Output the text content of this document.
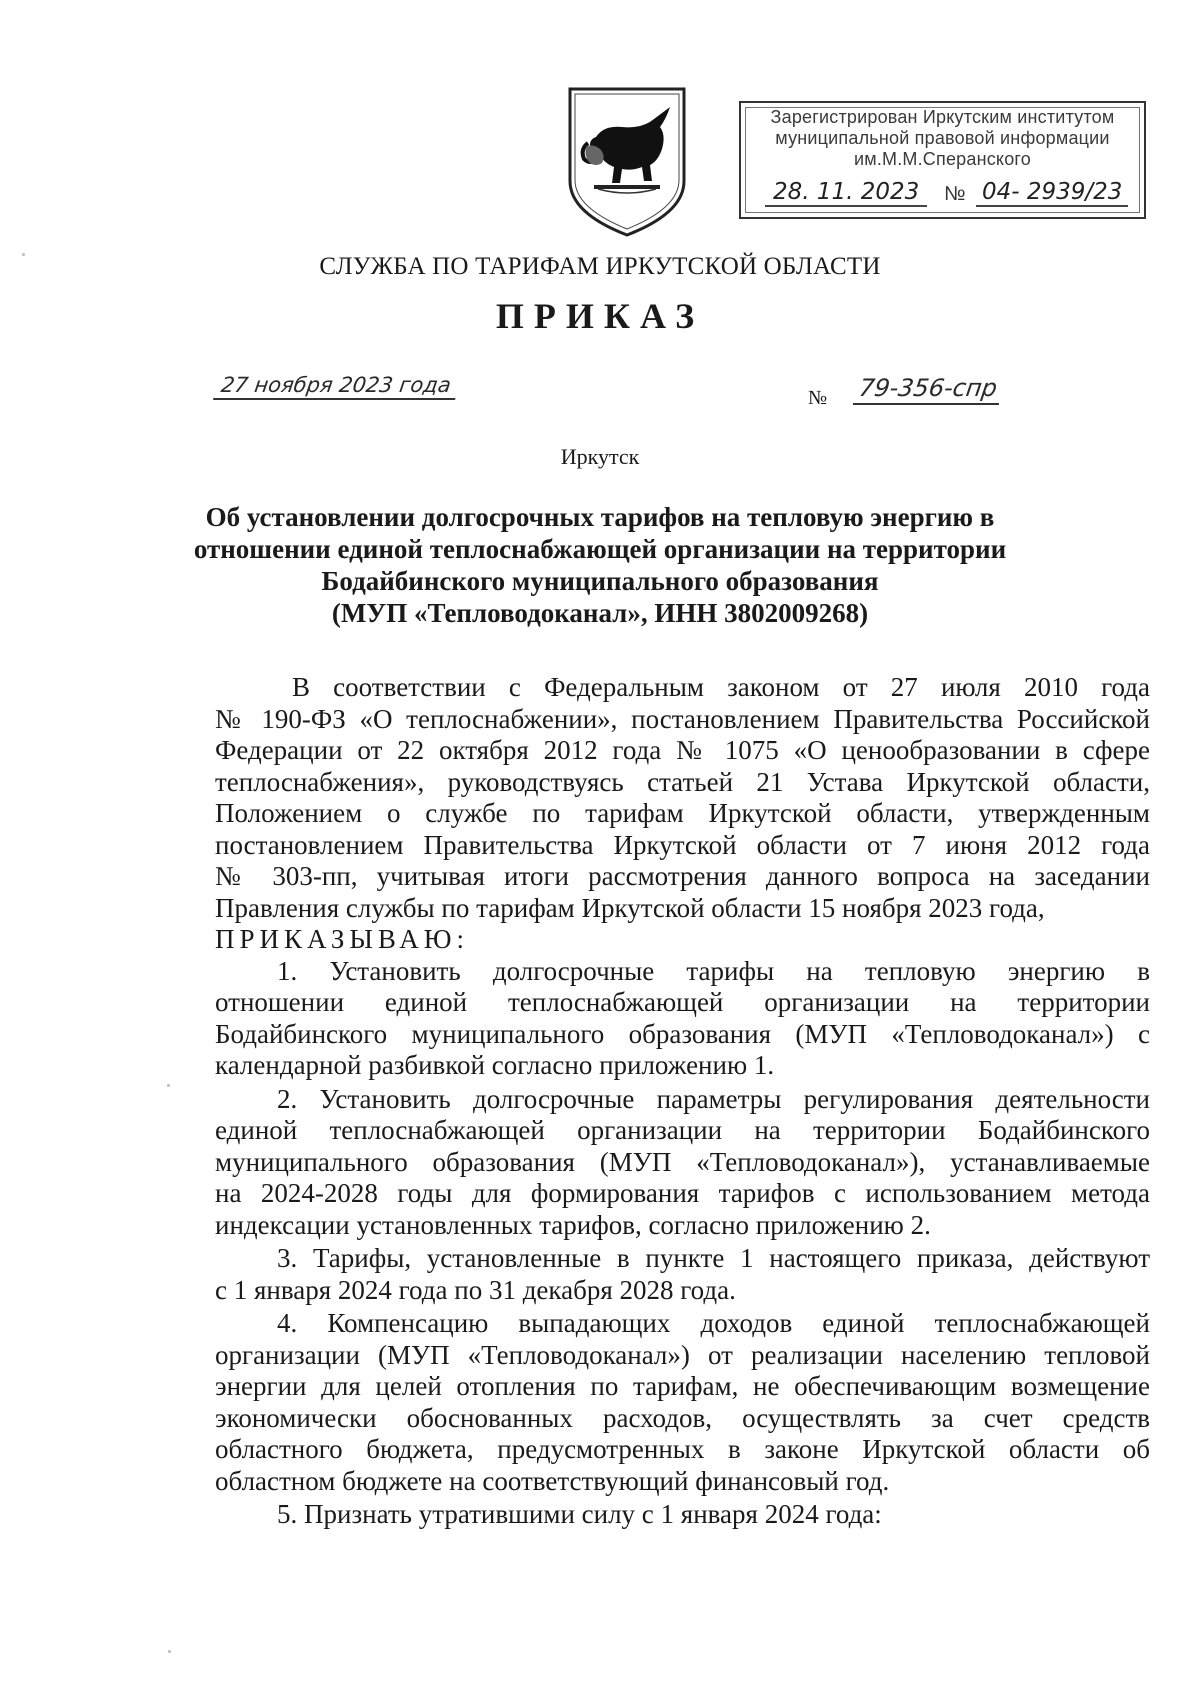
Зарегистрирован Иркутским институтом
муниципальной правовой информации
им.М.М.Сперанского
28. 11. 2023	№ 04- 2939/23
СЛУЖБА ПО ТАРИФАМ ИРКУТСКОЙ ОБЛАСТИ
ПРИКАЗ
27 ноября 2023 года
№ 79-356-спр
Иркутск
Об установлении долгосрочных тарифов на тепловую энергию в
отношении единой теплоснабжающей организации на территории
Бодайбинского муниципального образования
(МУП «Тепловодоканал», ИНН 3802009268)
В соответствии с Федеральным законом от 27 июля 2010 года
№ 190-ФЗ «О теплоснабжении», постановлением Правительства Российской
Федерации от 22 октября 2012 года № 1075 «О ценообразовании в сфере
теплоснабжения», руководствуясь статьей 21 Устава Иркутской области,
Положением о службе по тарифам Иркутской области, утвержденным
постановлением Правительства Иркутской области от 7 июня 2012 года
№ 303-пп, учитывая итоги рассмотрения данного вопроса на заседании
Правления службы по тарифам Иркутской области 15 ноября 2023 года,
ПРИКАЗЫВАЮ:
1. Установить долгосрочные тарифы на тепловую энергию в
отношении единой теплоснабжающей организации на территории
Бодайбинского муниципального образования (МУП «Тепловодоканал») с
календарной разбивкой согласно приложению 1.
2. Установить долгосрочные параметры регулирования деятельности
единой теплоснабжающей организации на территории Бодайбинского
муниципального образования (МУП «Тепловодоканал»), устанавливаемые
на 2024-2028 годы для формирования тарифов с использованием метода
индексации установленных тарифов, согласно приложению 2.
3. Тарифы, установленные в пункте 1 настоящего приказа, действуют
с 1 января 2024 года по 31 декабря 2028 года.
4. Компенсацию выпадающих доходов единой теплоснабжающей
организации (МУП «Тепловодоканал») от реализации населению тепловой
энергии для целей отопления по тарифам, не обеспечивающим возмещение
экономически обоснованных расходов, осуществлять за счет средств
областного бюджета, предусмотренных в законе Иркутской области об
областном бюджете на соответствующий финансовый год.
5. Признать утратившими силу с 1 января 2024 года:
